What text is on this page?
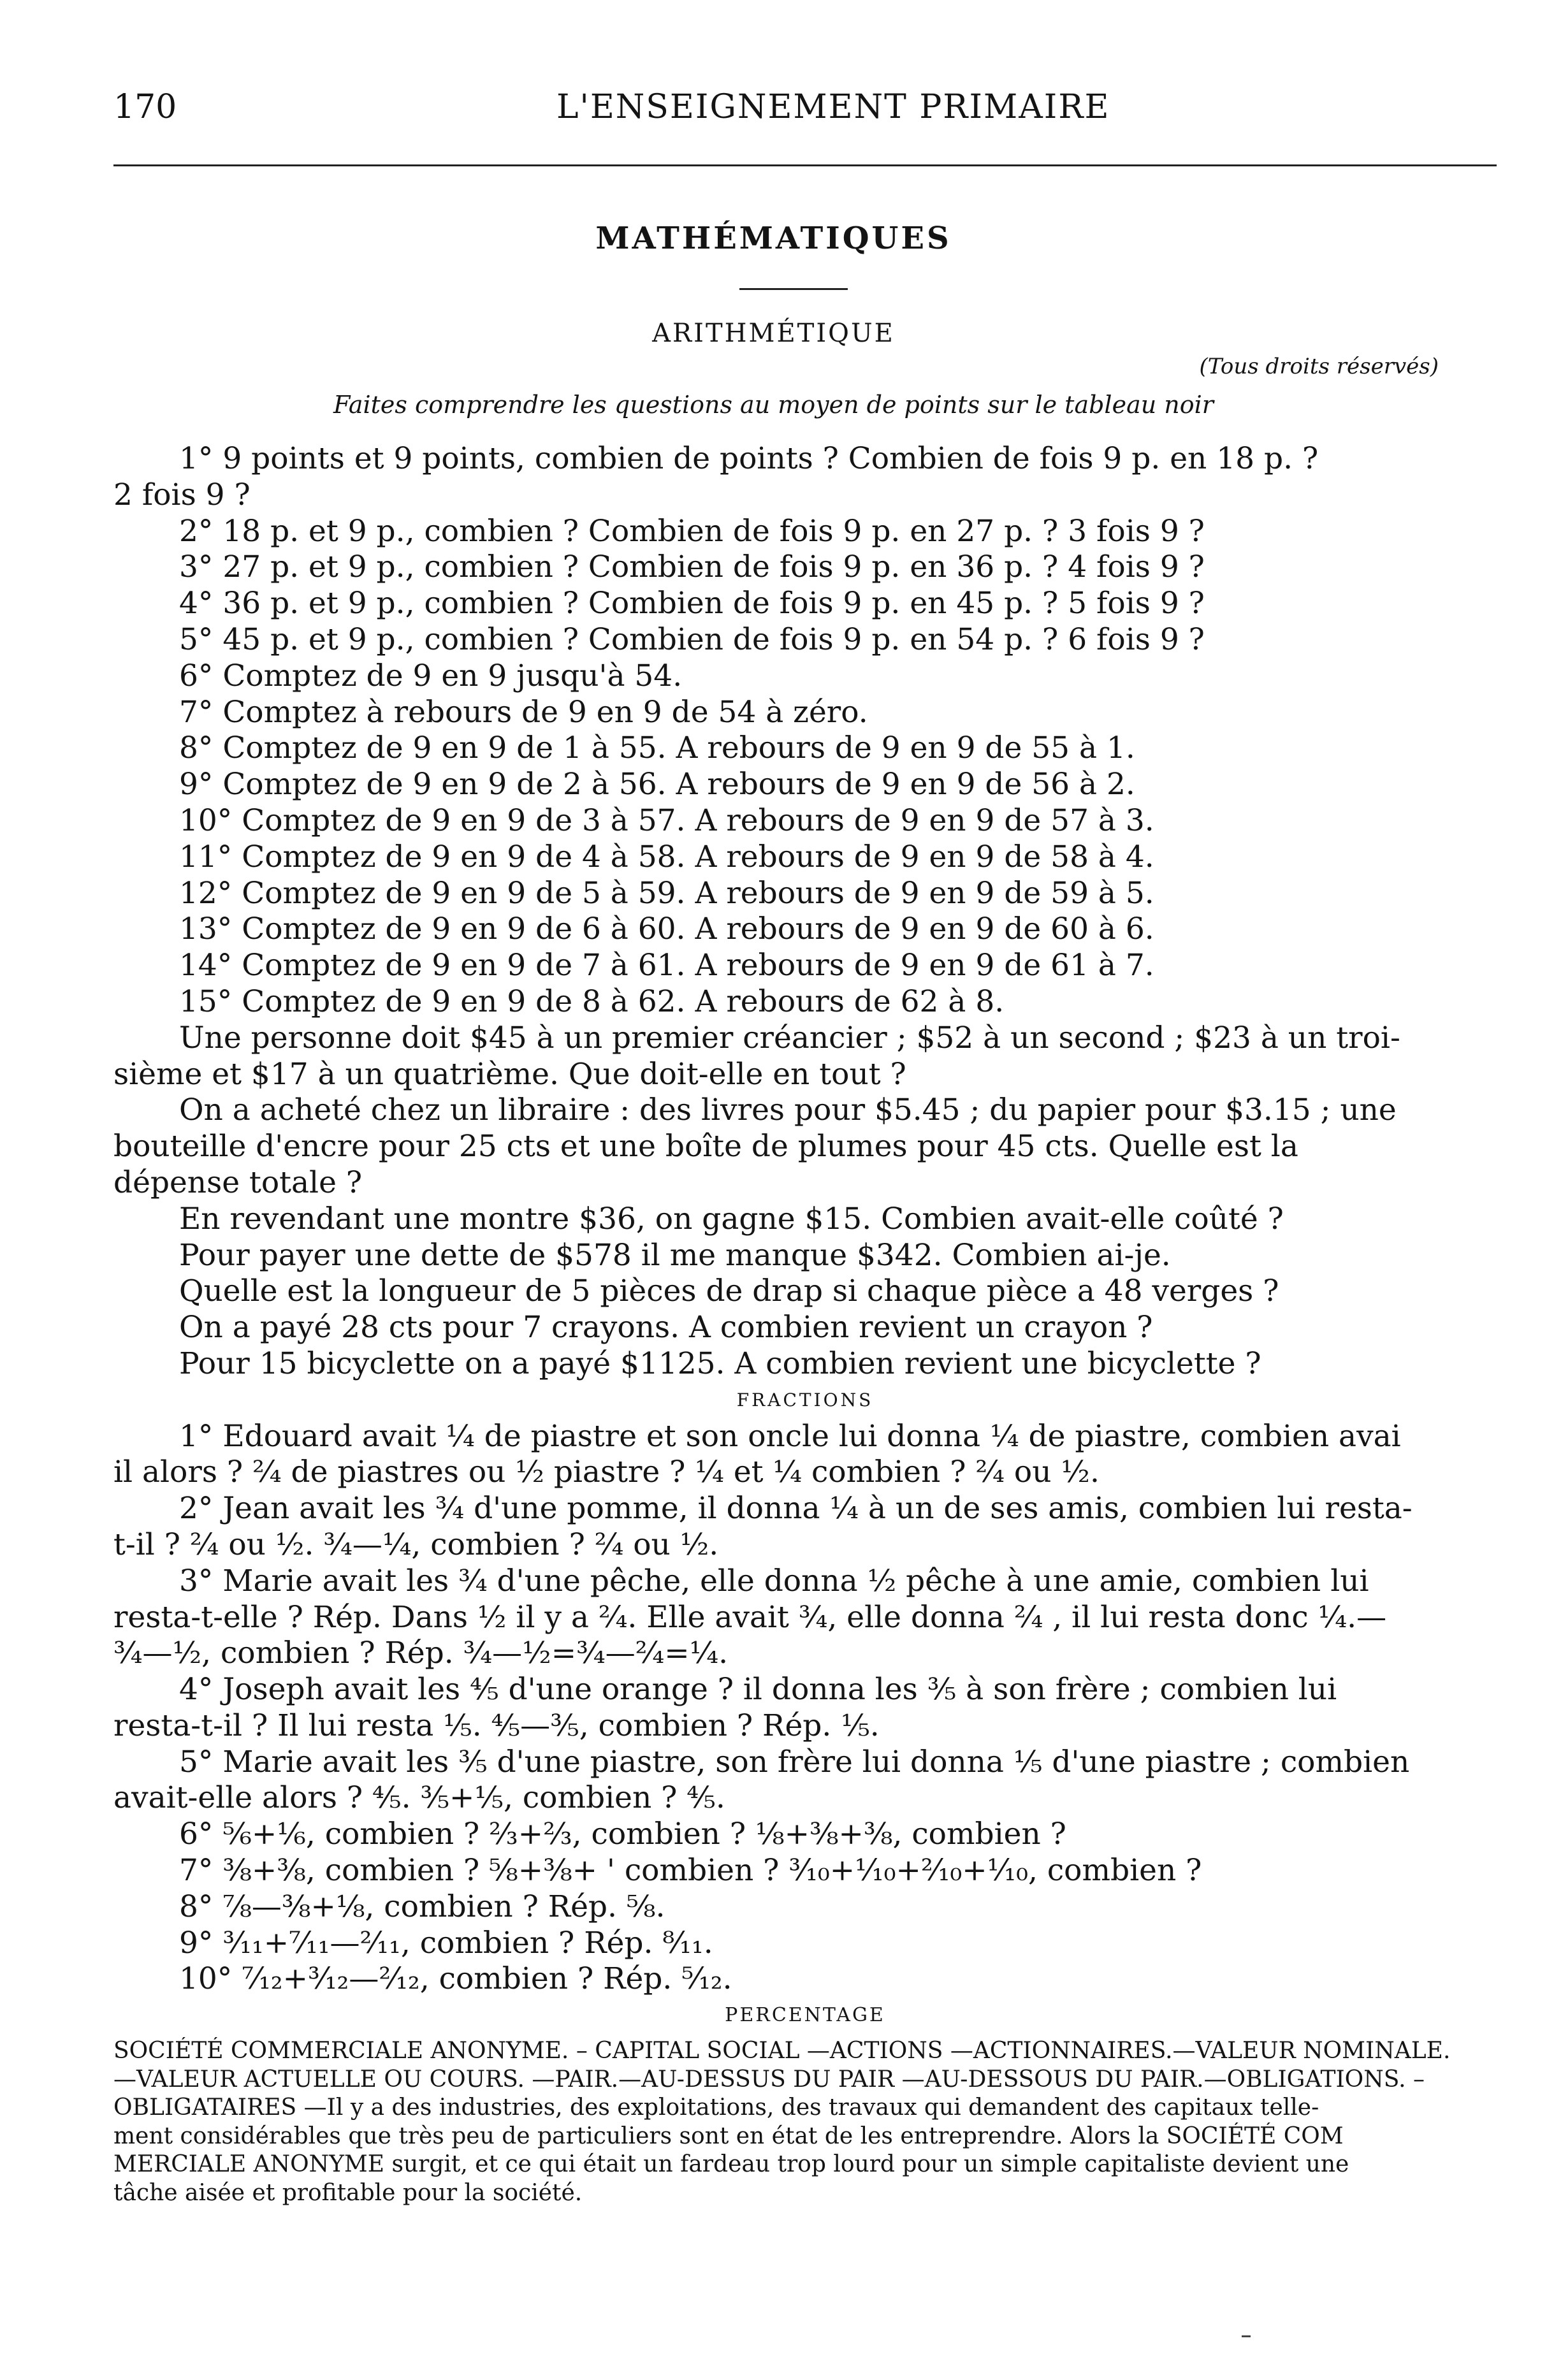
170	L'ENSEIGNEMENT PRIMAIRE
MATHÉMATIQUES
ARITHMÉTIQUE
(Tous droits réservés)
Faites comprendre les questions au moyen de points sur le tableau noir
1° 9 points et 9 points, combien de points ? Combien de fois 9 p. en 18 p. ?
2 fois 9 ?
2° 18 p. et 9 p., combien ? Combien de fois 9 p. en 27 p. ? 3 fois 9 ?
3° 27 p. et 9 p., combien ? Combien de fois 9 p. en 36 p. ? 4 fois 9 ?
4° 36 p. et 9 p., combien ? Combien de fois 9 p. en 45 p. ? 5 fois 9 ?
5° 45 p. et 9 p., combien ? Combien de fois 9 p. en 54 p. ? 6 fois 9 ?
6° Comptez de 9 en 9 jusqu'à 54.
7° Comptez à rebours de 9 en 9 de 54 à zéro.
8° Comptez de 9 en 9 de 1 à 55. A rebours de 9 en 9 de 55 à 1.
9° Comptez de 9 en 9 de 2 à 56. A rebours de 9 en 9 de 56 à 2.
10° Comptez de 9 en 9 de 3 à 57. A rebours de 9 en 9 de 57 à 3.
11° Comptez de 9 en 9 de 4 à 58. A rebours de 9 en 9 de 58 à 4.
12° Comptez de 9 en 9 de 5 à 59. A rebours de 9 en 9 de 59 à 5.
13° Comptez de 9 en 9 de 6 à 60. A rebours de 9 en 9 de 60 à 6.
14° Comptez de 9 en 9 de 7 à 61. A rebours de 9 en 9 de 61 à 7.
15° Comptez de 9 en 9 de 8 à 62. A rebours de 62 à 8.
Une personne doit $45 à un premier créancier ; $52 à un second ; $23 à un troi-
sième et $17 à un quatrième. Que doit-elle en tout ?
On a acheté chez un libraire : des livres pour $5.45 ; du papier pour $3.15 ; une
bouteille d'encre pour 25 cts et une boîte de plumes pour 45 cts. Quelle est la
dépense totale ?
En revendant une montre $36, on gagne $15. Combien avait-elle coûté ?
Pour payer une dette de $578 il me manque $342. Combien ai-je.
Quelle est la longueur de 5 pièces de drap si chaque pièce a 48 verges ?
On a payé 28 cts pour 7 crayons. A combien revient un crayon ?
Pour 15 bicyclette on a payé $1125. A combien revient une bicyclette ?
FRACTIONS
1° Edouard avait ¼ de piastre et son oncle lui donna ¼ de piastre, combien avai
il alors ? ²⁄₄ de piastres ou ½ piastre ? ¼ et ¼ combien ? ²⁄₄ ou ½.
2° Jean avait les ¾ d'une pomme, il donna ¼ à un de ses amis, combien lui resta-
t-il ? ²⁄₄ ou ½. ¾—¼, combien ? ²⁄₄ ou ½.
3° Marie avait les ¾ d'une pêche, elle donna ½ pêche à une amie, combien lui
resta-t-elle ? Rép. Dans ½ il y a ²⁄₄. Elle avait ¾, elle donna ²⁄₄ , il lui resta donc ¼.—
¾—½, combien ? Rép. ¾—½=¾—²⁄₄=¼.
4° Joseph avait les ⅘ d'une orange ? il donna les ⅗ à son frère ; combien lui
resta-t-il ? Il lui resta ⅕. ⅘—⅗, combien ? Rép. ⅕.
5° Marie avait les ⅗ d'une piastre, son frère lui donna ⅕ d'une piastre ; combien
avait-elle alors ? ⅘. ⅗+⅕, combien ? ⅘.
6° ⅚+⅙, combien ? ⅔+⅔, combien ? ⅛+⅜+⅜, combien ?
7° ⅜+⅜, combien ? ⅝+⅜+ ' combien ? ³⁄₁₀+¹⁄₁₀+²⁄₁₀+¹⁄₁₀, combien ?
8° ⅞—⅜+⅛, combien ? Rép. ⅝.
9° ³⁄₁₁+⁷⁄₁₁—²⁄₁₁, combien ? Rép. ⁸⁄₁₁.
10° ⁷⁄₁₂+³⁄₁₂—²⁄₁₂, combien ? Rép. ⁵⁄₁₂.
PERCENTAGE
SOCIÉTÉ COMMERCIALE ANONYME. – CAPITAL SOCIAL —ACTIONS —ACTIONNAIRES.—VALEUR NOMINALE.
—VALEUR ACTUELLE OU COURS. —PAIR.—AU-DESSUS DU PAIR —AU-DESSOUS DU PAIR.—OBLIGATIONS. –
OBLIGATAIRES —Il y a des industries, des exploitations, des travaux qui demandent des capitaux telle-
ment considérables que très peu de particuliers sont en état de les entreprendre. Alors la SOCIÉTÉ COM
MERCIALE ANONYME surgit, et ce qui était un fardeau trop lourd pour un simple capitaliste devient une
tâche aisée et profitable pour la société.
